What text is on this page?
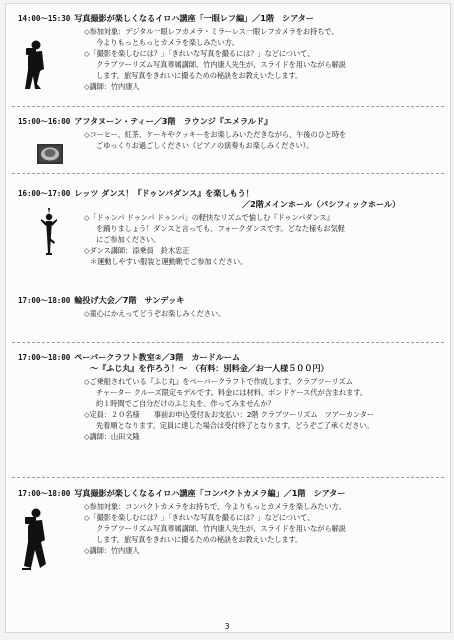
14:00～15:30 写真撮影が楽しくなるイロハ講座「一眼レフ編」／1階　シアター
◇参加対象：デジタル一眼レフカメラ・ミラーレス一眼レフカメラをお持ちで、
今よりもっともっとカメラを楽しみたい方。
◇「撮影を楽しむには？」「きれいな写真を撮るには？」などについて、
クラブツーリズム写真専属講師、竹内康人先生が、スライドを用いながら解説
します。旅写真をきれいに撮るための秘訣をお教えいたします。
◇講師：竹内康人
15:00～16:00 アフタヌーン・ティー／3階　ラウンジ『エメラルド』
◇コーヒー、紅茶、ケーキやクッキーをお楽しみいただきながら、午後のひと時を
ごゆっくりお過ごしください（ピアノの演奏もお楽しみください）。
16:00～17:00 レッツ ダンス！『ドゥンパダンス』を楽しもう！
／2階メインホール（パシフィックホール）
◇「ドゥンパ ドゥンパ ドゥンパ」の軽快なリズムで愉しむ『ドゥンパダンス』
を踊りましょう！ダンスと言っても、フォークダンスです。どなた様もお気軽
にご参加ください。
◇ダンス講師：添乗員　鈴木忠正
＊運動しやすい服装と運動靴でご参加ください。
17:00～18:00 輪投げ大会／7階　サンデッキ
◇童心にかえってどうぞお楽しみください。
17:00～18:00 ペーパークラフト教室②／3階　カードルーム
～『ふじ丸』を作ろう！～　（有料：別料金／お一人様５００円）
◇ご乗船されている『ふじ丸』をペーパークラフトで作成します。クラブツーリズム
チャーター クルーズ限定モデルです。料金には材料、ボンドケース代が含まれます。
約１時間でご自分だけのふじ丸を、作ってみませんか？
◇定員：２０名様　　事前お申込受付＆お支払い：2階 クラブツーリズム　ツアーカンター
先着順となります。定員に達した場合は受付終了となります。どうぞご了承ください。
◇講師：山田文隆
17:00～18:00 写真撮影が楽しくなるイロハ講座「コンパクトカメラ編」／1階　シアター
◇参加対象：コンパクトカメラをお持ちで、今よりもっとカメラを楽しみたい方。
◇「撮影を楽しむには？」「きれいな写真を撮るには？」などについて、
クラブツーリズム写真専属講師、竹内康人先生が、スライドを用いながら解説
します。旅写真をきれいに撮るための秘訣をお教えいたします。
◇講師：竹内康人
3
